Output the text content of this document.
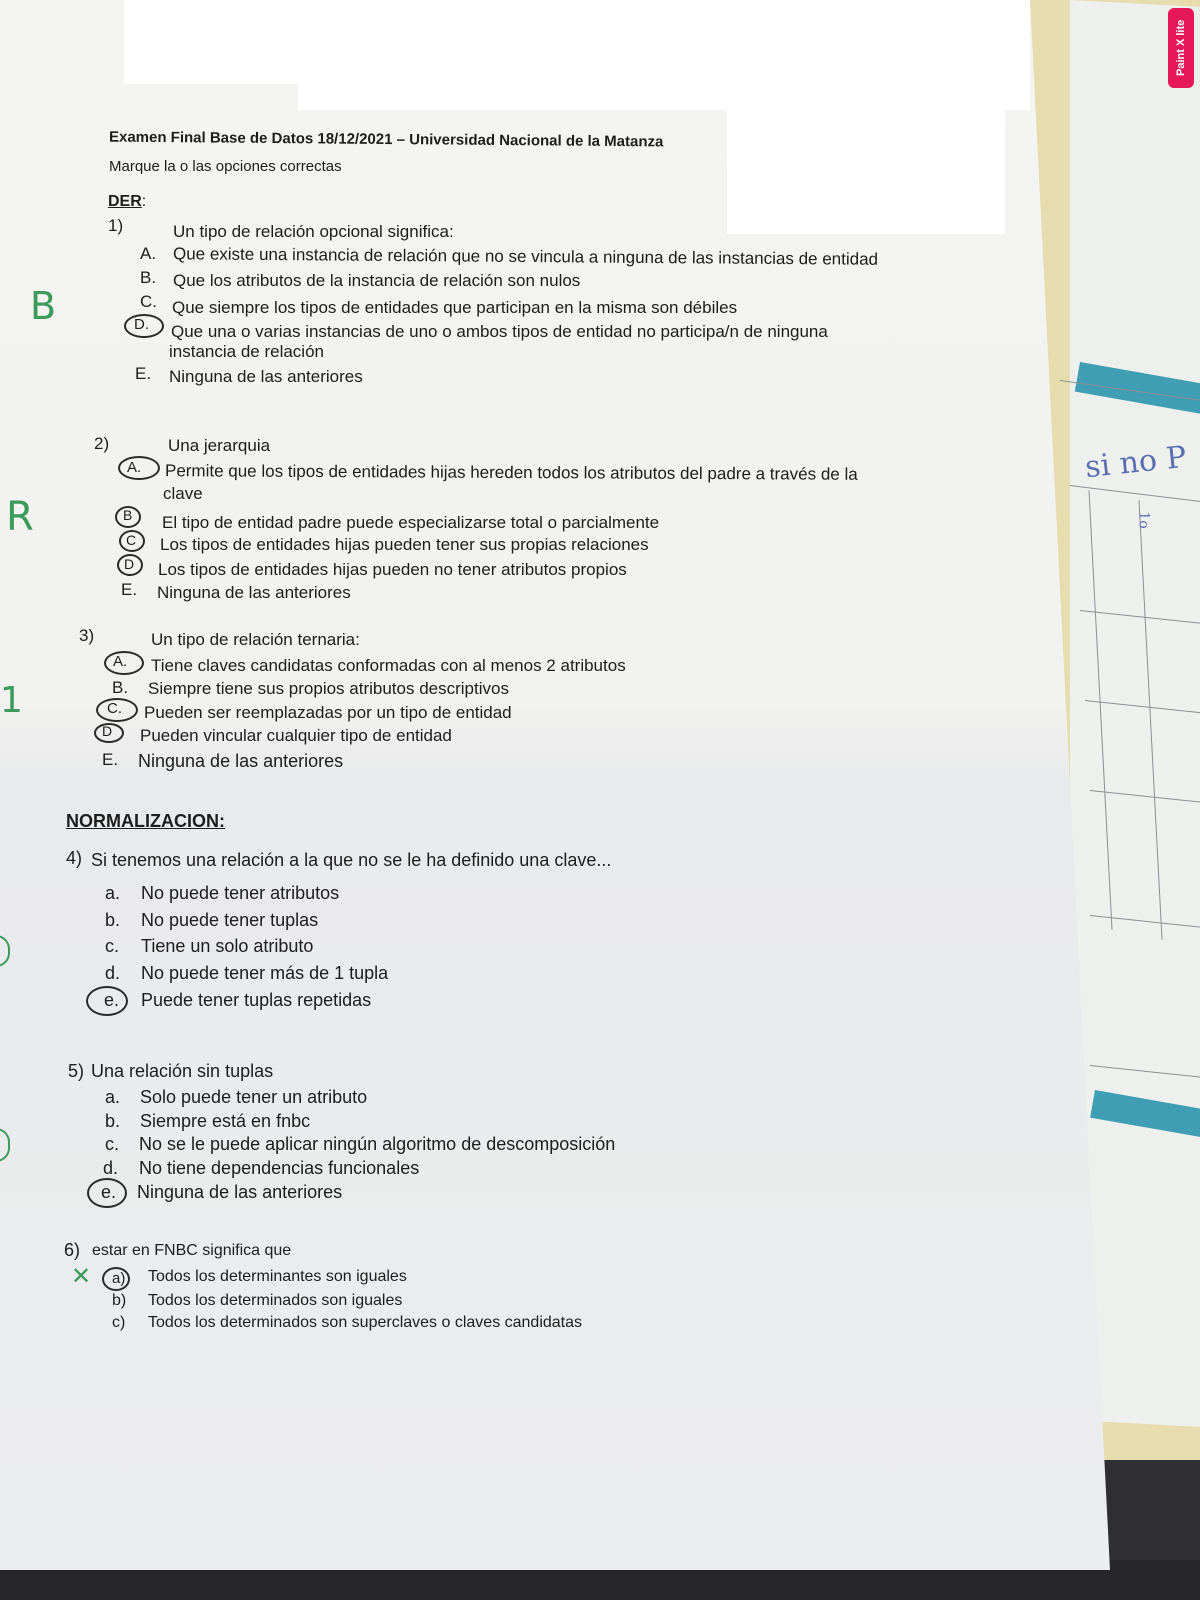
si no P
1o
Paint X lite
Examen Final Base de Datos 18/12/2021 – Universidad Nacional de la Matanza
Marque la o las opciones correctas
DER:
1)	Un tipo de relación opcional significa:
A. Que existe una instancia de relación que no se vincula a ninguna de las instancias de entidad
B. Que los atributos de la instancia de relación son nulos
C. Que siempre los tipos de entidades que participan en la misma son débiles
D. Que una o varias instancias de uno o ambos tipos de entidad no participa/n de ninguna
instancia de relación
E. Ninguna de las anteriores
B
2)	Una jerarquia
A. Permite que los tipos de entidades hijas hereden todos los atributos del padre a través de la
clave
B El tipo de entidad padre puede especializarse total o parcialmente
C Los tipos de entidades hijas pueden tener sus propias relaciones
D Los tipos de entidades hijas pueden no tener atributos propios
E. Ninguna de las anteriores
R
3)	Un tipo de relación ternaria:
A. Tiene claves candidatas conformadas con al menos 2 atributos
B. Siempre tiene sus propios atributos descriptivos
C. Pueden ser reemplazadas por un tipo de entidad
D Pueden vincular cualquier tipo de entidad
E. Ninguna de las anteriores
1
NORMALIZACION:
4) Si tenemos una relación a la que no se le ha definido una clave...
a. No puede tener atributos
b. No puede tener tuplas
c. Tiene un solo atributo
d. No puede tener más de 1 tupla
e. Puede tener tuplas repetidas
5) Una relación sin tuplas
a. Solo puede tener un atributo
b. Siempre está en fnbc
c. No se le puede aplicar ningún algoritmo de descomposición
d. No tiene dependencias funcionales
e. Ninguna de las anteriores
6) estar en FNBC significa que
✕ a) Todos los determinantes son iguales
b) Todos los determinados son iguales
c) Todos los determinados son superclaves o claves candidatas
